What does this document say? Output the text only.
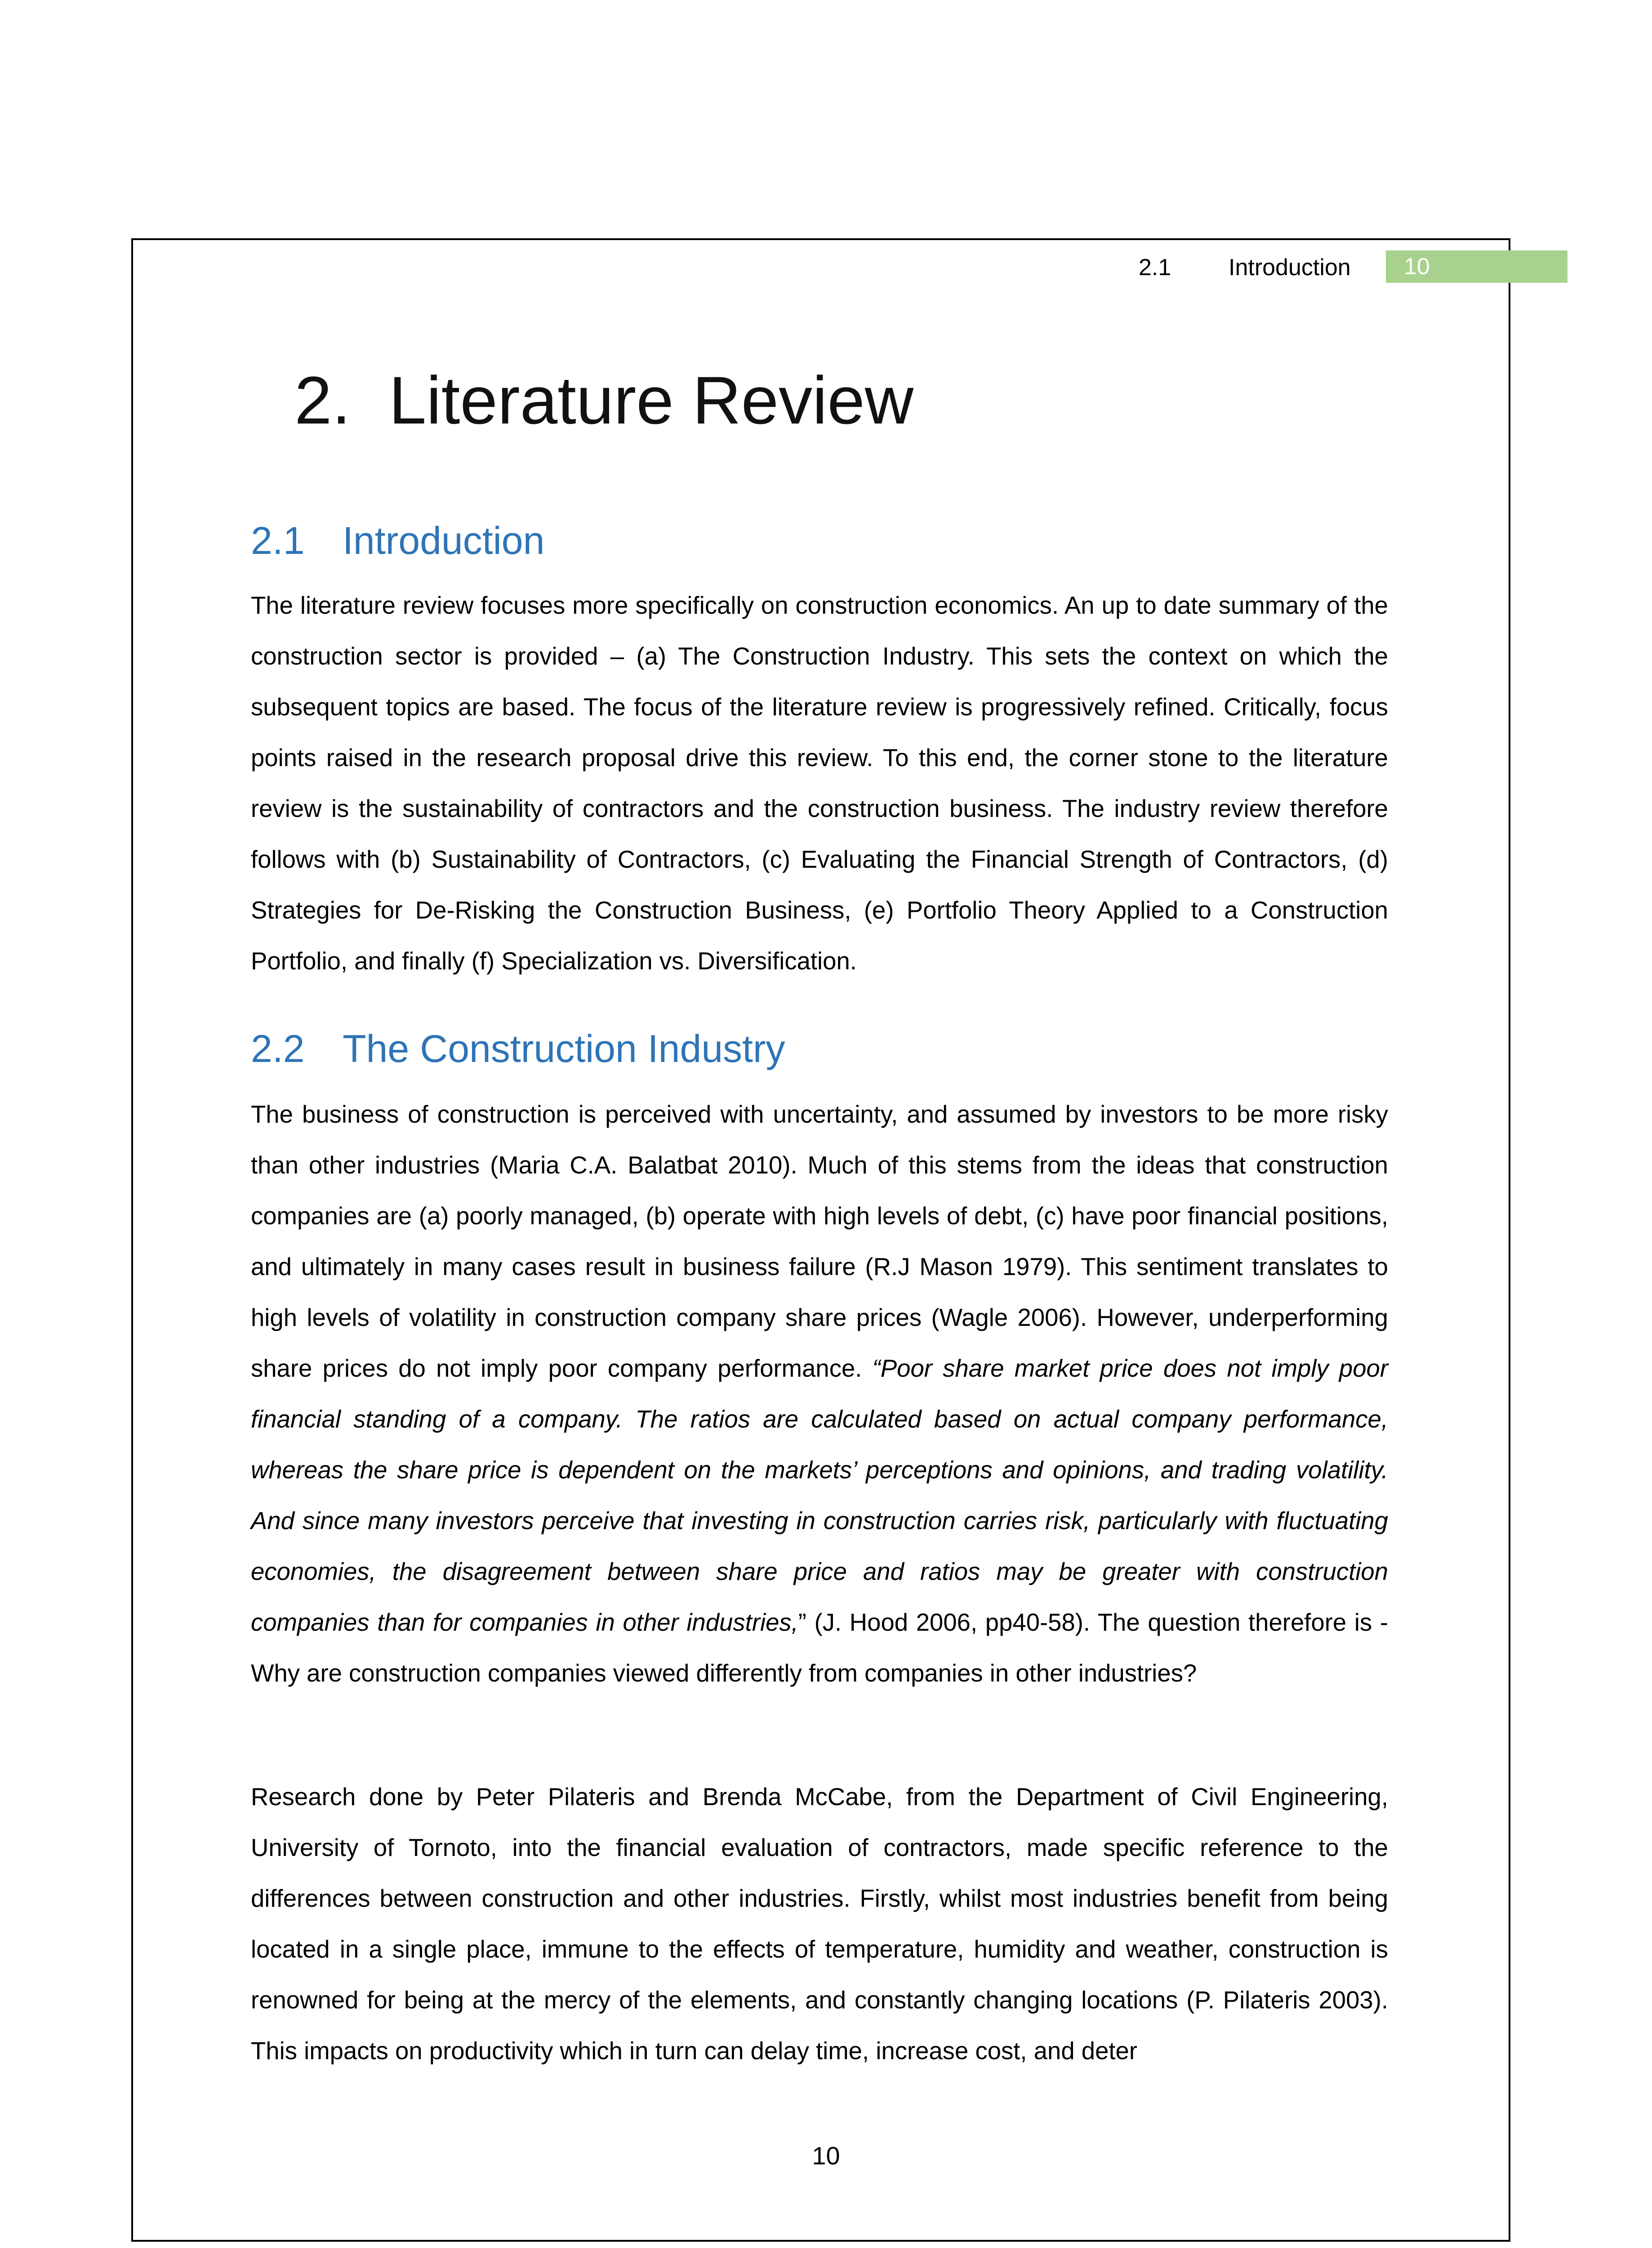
2.1 Introduction	10
2. Literature Review
2.1 Introduction
The literature review focuses more specifically on construction economics. An up to date summary of the construction sector is provided – (a) The Construction Industry. This sets the context on which the subsequent topics are based. The focus of the literature review is progressively refined. Critically, focus points raised in the research proposal drive this review. To this end, the corner stone to the literature review is the sustainability of contractors and the construction business. The industry review therefore follows with (b) Sustainability of Contractors, (c) Evaluating the Financial Strength of Contractors, (d) Strategies for De-Risking the Construction Business, (e) Portfolio Theory Applied to a Construction Portfolio, and finally (f) Specialization vs. Diversification.
2.2 The Construction Industry
The business of construction is perceived with uncertainty, and assumed by investors to be more risky than other industries (Maria C.A. Balatbat 2010). Much of this stems from the ideas that construction companies are (a) poorly managed, (b) operate with high levels of debt, (c) have poor financial positions, and ultimately in many cases result in business failure (R.J Mason 1979). This sentiment translates to high levels of volatility in construction company share prices (Wagle 2006). However, underperforming share prices do not imply poor company performance. “Poor share market price does not imply poor financial standing of a company. The ratios are calculated based on actual company performance, whereas the share price is dependent on the markets’ perceptions and opinions, and trading volatility. And since many investors perceive that investing in construction carries risk, particularly with fluctuating economies, the disagreement between share price and ratios may be greater with construction companies than for companies in other industries,” (J. Hood 2006, pp40-58). The question therefore is - Why are construction companies viewed differently from companies in other industries?
Research done by Peter Pilateris and Brenda McCabe, from the Department of Civil Engineering, University of Tornoto, into the financial evaluation of contractors, made specific reference to the differences between construction and other industries. Firstly, whilst most industries benefit from being located in a single place, immune to the effects of temperature, humidity and weather, construction is renowned for being at the mercy of the elements, and constantly changing locations (P. Pilateris 2003). This impacts on productivity which in turn can delay time, increase cost, and deter
10
